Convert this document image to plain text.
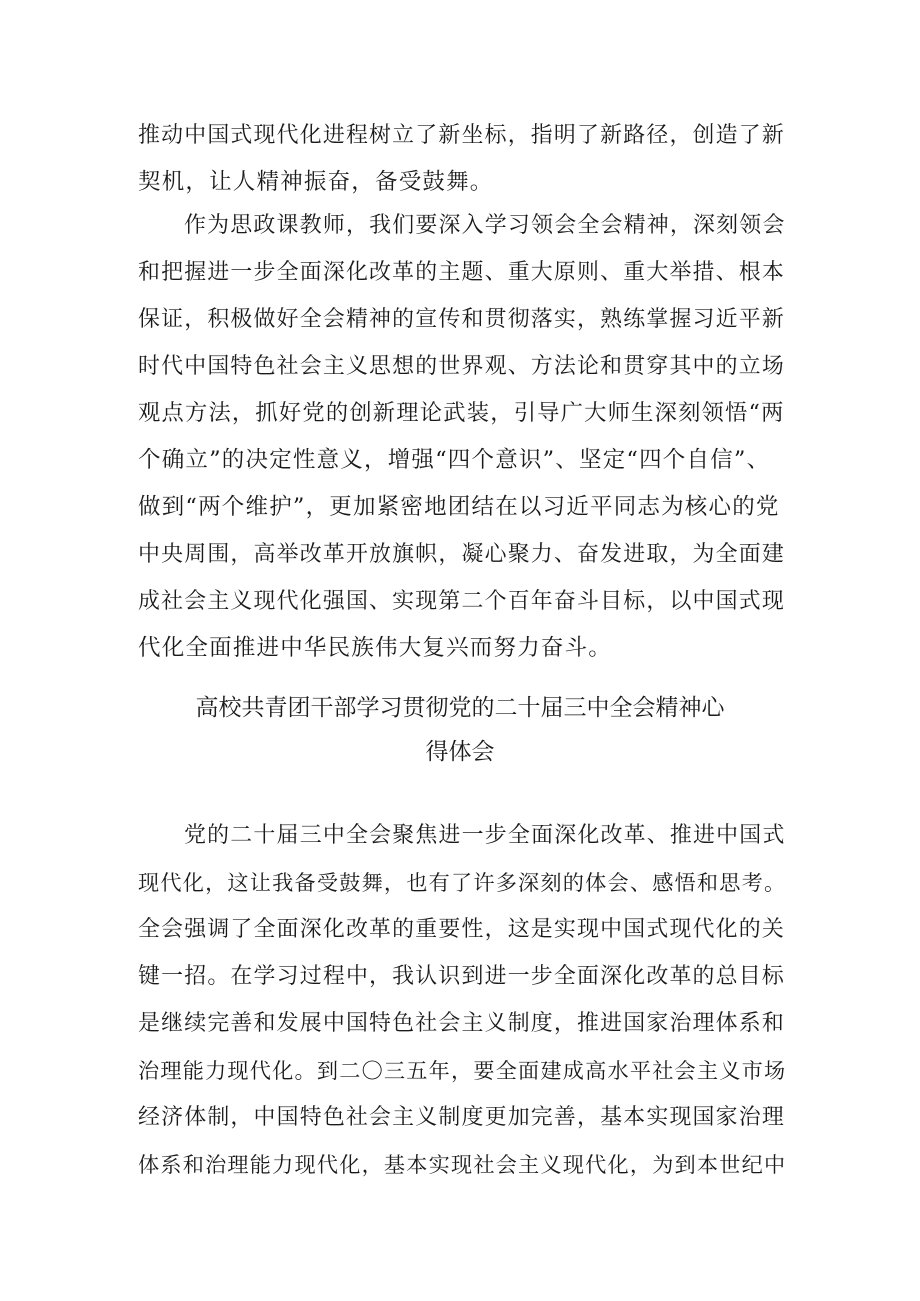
推动中国式现代化进程树立了新坐标，指明了新路径，创造了新
契机，让人精神振奋，备受鼓舞。
作为思政课教师，我们要深入学习领会全会精神，深刻领会
和把握进一步全面深化改革的主题、重大原则、重大举措、根本
保证，积极做好全会精神的宣传和贯彻落实，熟练掌握习近平新
时代中国特色社会主义思想的世界观、方法论和贯穿其中的立场
观点方法，抓好党的创新理论武装，引导广大师生深刻领悟“两
个确立”的决定性意义，增强“四个意识”、坚定“四个自信”、
做到“两个维护”，更加紧密地团结在以习近平同志为核心的党
中央周围，高举改革开放旗帜，凝心聚力、奋发进取，为全面建
成社会主义现代化强国、实现第二个百年奋斗目标，以中国式现
代化全面推进中华民族伟大复兴而努力奋斗。
高校共青团干部学习贯彻党的二十届三中全会精神心
得体会
党的二十届三中全会聚焦进一步全面深化改革、推进中国式
现代化，这让我备受鼓舞，也有了许多深刻的体会、感悟和思考。
全会强调了全面深化改革的重要性，这是实现中国式现代化的关
键一招。在学习过程中，我认识到进一步全面深化改革的总目标
是继续完善和发展中国特色社会主义制度，推进国家治理体系和
治理能力现代化。到二〇三五年，要全面建成高水平社会主义市场
经济体制，中国特色社会主义制度更加完善，基本实现国家治理
体系和治理能力现代化，基本实现社会主义现代化，为到本世纪中
